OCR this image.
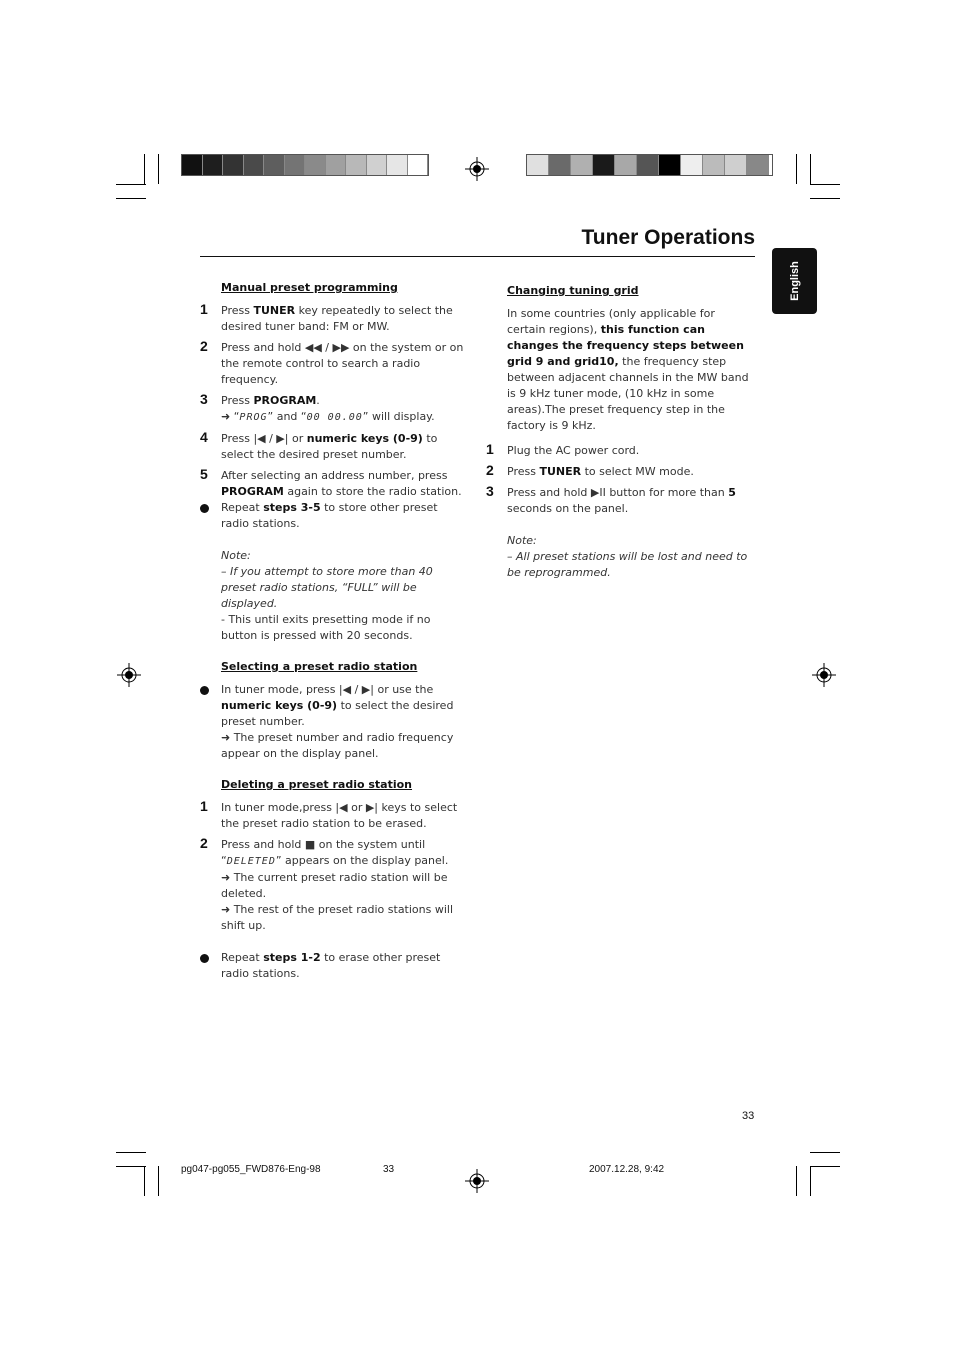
Tuner Operations
English

Manual preset programming

1 Press TUNER key repeatedly to select the desired tuner band: FM or MW.
2 Press and hold ◀◀ / ▶▶ on the system or on the remote control to search a radio frequency.
3 Press PROGRAM.
➜ “PROG” and “00 00.00” will display.
4 Press |◀ / ▶| or numeric keys (0-9) to select the desired preset number.
5 After selecting an address number, press PROGRAM again to store the radio station.
Repeat steps 3-5 to store other preset radio stations.

Note:

– If you attempt to store more than 40 preset radio stations, “FULL” will be displayed.

- This until exits presetting mode if no button is pressed with 20 seconds.

Selecting a preset radio station

In tuner mode, press |◀ / ▶| or use the numeric keys (0-9) to select the desired preset number.
➜ The preset number and radio frequency appear on the display panel.

Deleting a preset radio station

1 In tuner mode,press |◀ or ▶| keys to select the preset radio station to be erased.
2 Press and hold ■ on the system until “DELETED” appears on the display panel.
➜ The current preset radio station will be deleted.
➜ The rest of the preset radio stations will shift up.
Repeat steps 1-2 to erase other preset radio stations.

Changing tuning grid

In some countries (only applicable for certain regions), this function can changes the frequency steps between grid 9 and grid10, the frequency step between adjacent channels in the MW band is 9 kHz tuner mode, (10 kHz in some areas).The preset frequency step in the factory is 9 kHz.

1 Plug the AC power cord.
2 Press TUNER to select MW mode.
3 Press and hold ▶II button for more than 5 seconds on the panel.

Note:

– All preset stations will be lost and need to be reprogrammed.

33
pg047-pg055_FWD876-Eng-98	33	2007.12.28, 9:42
